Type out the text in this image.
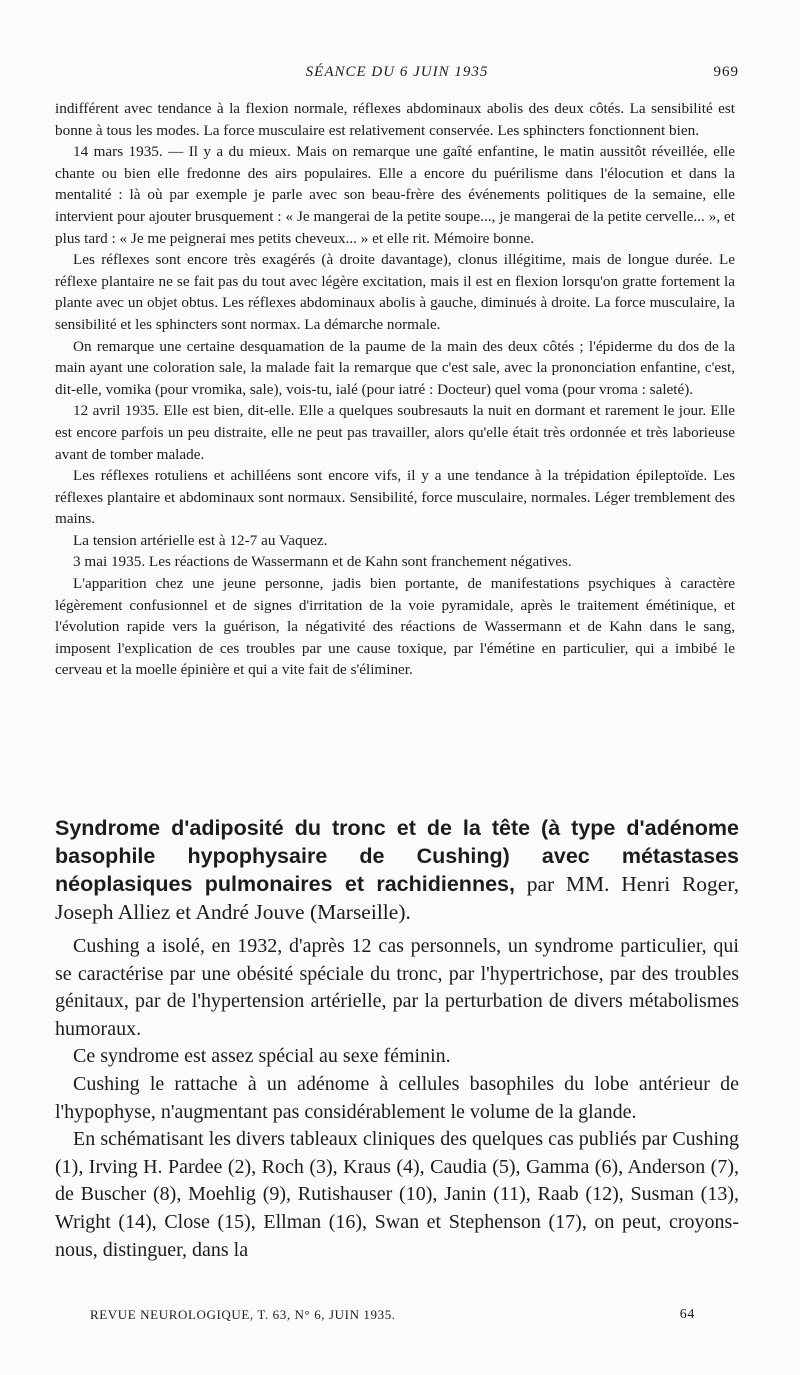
SÉANCE DU 6 JUIN 1935	969

indifférent avec tendance à la flexion normale, réflexes abdominaux abolis des deux côtés. La sensibilité est bonne à tous les modes. La force musculaire est relativement conservée. Les sphincters fonctionnent bien.

14 mars 1935. — Il y a du mieux. Mais on remarque une gaîté enfantine, le matin aussitôt réveillée, elle chante ou bien elle fredonne des airs populaires. Elle a encore du puérilisme dans l'élocution et dans la mentalité : là où par exemple je parle avec son beau-frère des événements politiques de la semaine, elle intervient pour ajouter brusquement : « Je mangerai de la petite soupe..., je mangerai de la petite cervelle... », et plus tard : « Je me peignerai mes petits cheveux... » et elle rit. Mémoire bonne.

Les réflexes sont encore très exagérés (à droite davantage), clonus illégitime, mais de longue durée. Le réflexe plantaire ne se fait pas du tout avec légère excitation, mais il est en flexion lorsqu'on gratte fortement la plante avec un objet obtus. Les réflexes abdominaux abolis à gauche, diminués à droite. La force musculaire, la sensibilité et les sphincters sont normax. La démarche normale.

On remarque une certaine desquamation de la paume de la main des deux côtés ; l'épiderme du dos de la main ayant une coloration sale, la malade fait la remarque que c'est sale, avec la prononciation enfantine, c'est, dit-elle, vomika (pour vromika, sale), vois-tu, ialé (pour iatré : Docteur) quel voma (pour vroma : saleté).

12 avril 1935. Elle est bien, dit-elle. Elle a quelques soubresauts la nuit en dormant et rarement le jour. Elle est encore parfois un peu distraite, elle ne peut pas travailler, alors qu'elle était très ordonnée et très laborieuse avant de tomber malade.

Les réflexes rotuliens et achilléens sont encore vifs, il y a une tendance à la trépidation épileptoïde. Les réflexes plantaire et abdominaux sont normaux. Sensibilité, force musculaire, normales. Léger tremblement des mains.

La tension artérielle est à 12-7 au Vaquez.

3 mai 1935. Les réactions de Wassermann et de Kahn sont franchement négatives.

L'apparition chez une jeune personne, jadis bien portante, de manifestations psychiques à caractère légèrement confusionnel et de signes d'irritation de la voie pyramidale, après le traitement émétinique, et l'évolution rapide vers la guérison, la négativité des réactions de Wassermann et de Kahn dans le sang, imposent l'explication de ces troubles par une cause toxique, par l'émétine en particulier, qui a imbibé le cerveau et la moelle épinière et qui a vite fait de s'éliminer.

Syndrome d'adiposité du tronc et de la tête (à type d'adénome basophile hypophysaire de Cushing) avec métastases néoplasiques pulmonaires et rachidiennes, par MM. Henri Roger, Joseph Alliez et André Jouve (Marseille).

Cushing a isolé, en 1932, d'après 12 cas personnels, un syndrome particulier, qui se caractérise par une obésité spéciale du tronc, par l'hypertrichose, par des troubles génitaux, par de l'hypertension artérielle, par la perturbation de divers métabolismes humoraux.

Ce syndrome est assez spécial au sexe féminin.

Cushing le rattache à un adénome à cellules basophiles du lobe antérieur de l'hypophyse, n'augmentant pas considérablement le volume de la glande.

En schématisant les divers tableaux cliniques des quelques cas publiés par Cushing (1), Irving H. Pardee (2), Roch (3), Kraus (4), Caudia (5), Gamma (6), Anderson (7), de Buscher (8), Moehlig (9), Rutishauser (10), Janin (11), Raab (12), Susman (13), Wright (14), Close (15), Ellman (16), Swan et Stephenson (17), on peut, croyons-nous, distinguer, dans la

REVUE NEUROLOGIQUE, T. 63, N° 6, JUIN 1935.	64
